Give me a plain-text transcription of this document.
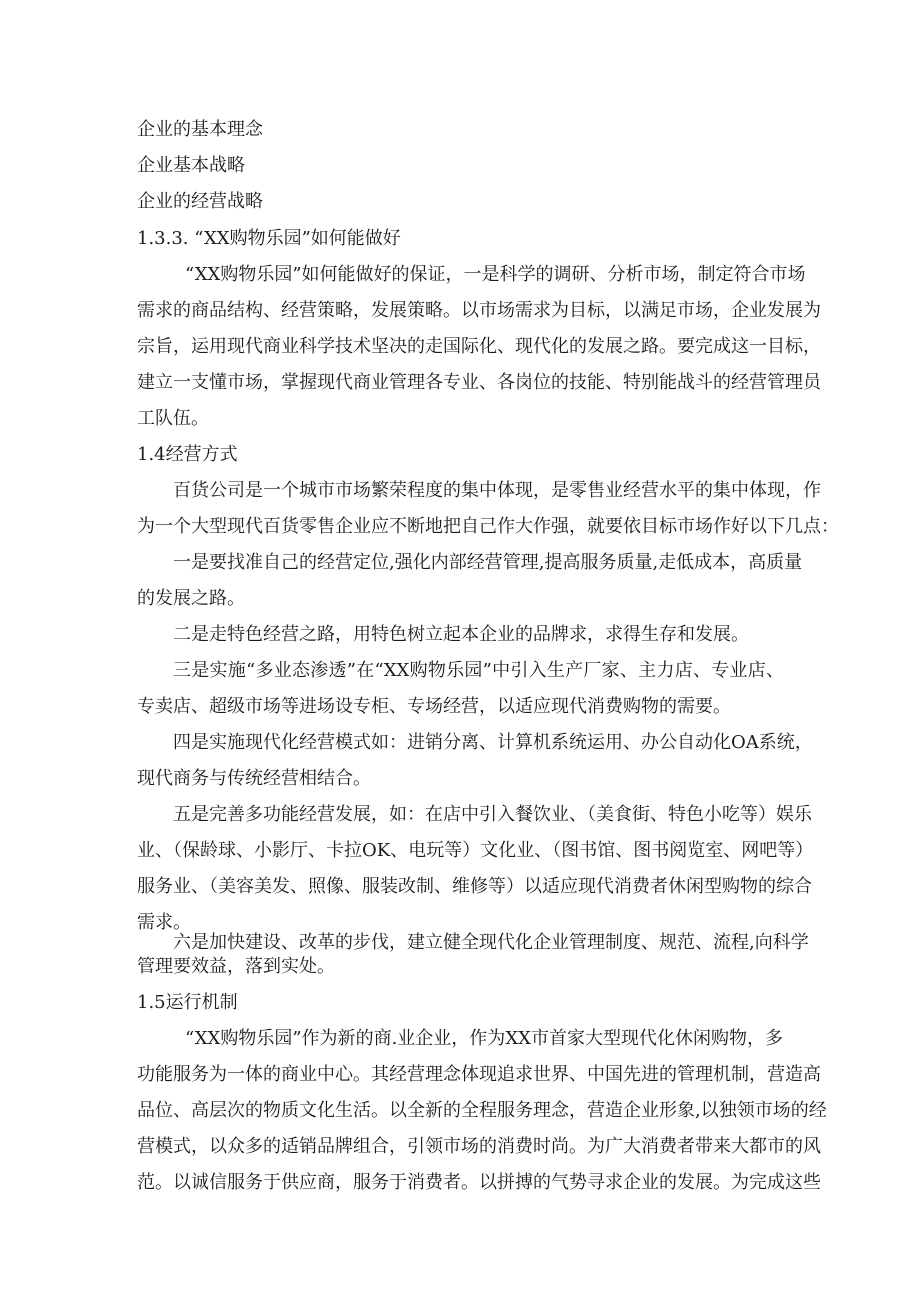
企业的基本理念
企业基本战略
企业的经营战略
1.3.3. “XX购物乐园”如何能做好
“XX购物乐园”如何能做好的保证，一是科学的调研、分析市场，制定符合市场
需求的商品结构、经营策略，发展策略。以市场需求为目标，以满足市场，企业发展为
宗旨，运用现代商业科学技术坚决的走国际化、现代化的发展之路。要完成这一目标，
建立一支懂市场，掌握现代商业管理各专业、各岗位的技能、特别能战斗的经营管理员
工队伍。
1.4经营方式
百货公司是一个城市市场繁荣程度的集中体现，是零售业经营水平的集中体现，作
为一个大型现代百货零售企业应不断地把自己作大作强，就要依目标市场作好以下几点：
一是要找准自己的经营定位,强化内部经营管理,提高服务质量,走低成本，高质量
的发展之路。
二是走特色经营之路，用特色树立起本企业的品牌求，求得生存和发展。
三是实施“多业态渗透”在“XX购物乐园”中引入生产厂家、主力店、专业店、
专卖店、超级市场等进场设专柜、专场经营，以适应现代消费购物的需要。
四是实施现代化经营模式如：进销分离、计算机系统运用、办公自动化OA系统，
现代商务与传统经营相结合。
五是完善多功能经营发展，如：在店中引入餐饮业、（美食街、特色小吃等）娱乐
业、（保龄球、小影厅、卡拉OK、电玩等）文化业、（图书馆、图书阅览室、网吧等）
服务业、（美容美发、照像、服装改制、维修等）以适应现代消费者休闲型购物的综合
需求。
六是加快建设、改革的步伐，建立健全现代化企业管理制度、规范、流程,向科学
管理要效益，落到实处。
1.5运行机制
“XX购物乐园”作为新的商.业企业，作为XX市首家大型现代化休闲购物，多
功能服务为一体的商业中心。其经营理念体现追求世界、中国先进的管理机制，营造高
品位、高层次的物质文化生活。以全新的全程服务理念，营造企业形象,以独领市场的经
营模式，以众多的适销品牌组合，引领市场的消费时尚。为广大消费者带来大都市的风
范。以诚信服务于供应商，服务于消费者。以拼搏的气势寻求企业的发展。为完成这些
